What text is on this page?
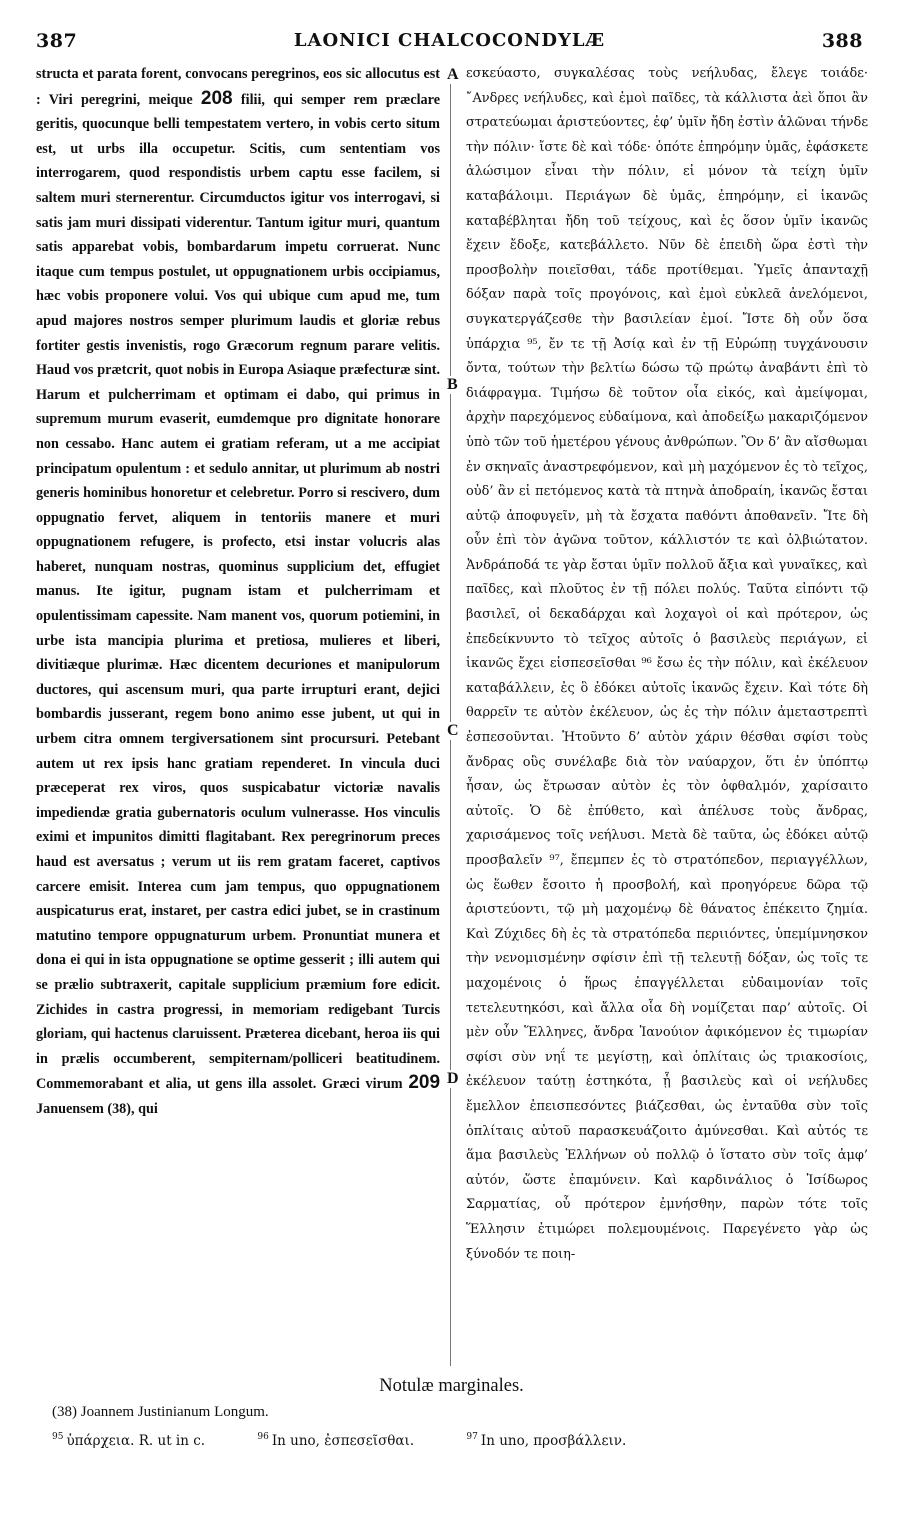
387	LAONICI CHALCOCONDYLÆ	388

structa et parata forent, convocans peregrinos, eos sic allocutus est : Viri peregrini, meique 208 filii, qui semper rem præclare geritis, quocunque belli tempestatem vertero, in vobis certo situm est, ut urbs illa occupetur. Scitis, cum sententiam vos interrogarem, quod respondistis urbem captu esse facilem, si saltem muri sternerentur. Circumductos igitur vos interrogavi, si satis jam muri dissipati viderentur. Tantum igitur muri, quantum satis apparebat vobis, bombardarum impetu corruerat. Nunc itaque cum tempus postulet, ut oppugnationem urbis occipiamus, hæc vobis proponere volui. Vos qui ubique cum apud me, tum apud majores nostros semper plurimum laudis et gloriæ rebus fortiter gestis invenistis, rogo Græcorum regnum parare velitis. Haud vos prætcrit, quot nobis in Europa Asiaque præfecturæ sint. Harum et pulcherrimam et optimam ei dabo, qui primus in supremum murum evaserit, eumdemque pro dignitate honorare non cessabo. Hanc autem ei gratiam referam, ut a me accipiat principatum opulentum : et sedulo annitar, ut plurimum ab nostri generis hominibus honoretur et celebretur. Porro si rescivero, dum oppugnatio fervet, aliquem in tentoriis manere et muri oppugnationem refugere, is profecto, etsi instar volucris alas haberet, nunquam nostras, quominus supplicium det, effugiet manus. Ite igitur, pugnam istam et pulcherrimam et opulentissimam capessite. Nam manent vos, quorum potiemini, in urbe ista mancipia plurima et pretiosa, mulieres et liberi, divitiæque plurimæ. Hæc dicentem decuriones et manipulorum ductores, qui ascensum muri, qua parte irrupturi erant, dejici bombardis jusserant, regem bono animo esse jubent, ut qui in urbem citra omnem tergiversationem sint procursuri. Petebant autem ut rex ipsis hanc gratiam rependeret. In vincula duci præceperat rex viros, quos suspicabatur victoriæ navalis impediendæ gratia gubernatoris oculum vulnerasse. Hos vinculis eximi et impunitos dimitti flagitabant. Rex peregrinorum preces haud est aversatus ; verum ut iis rem gratam faceret, captivos carcere emisit. Interea cum jam tempus, quo oppugnationem auspicaturus erat, instaret, per castra edici jubet, se in crastinum matutino tempore oppugnaturum urbem. Pronuntiat munera et dona ei qui in ista oppugnatione se optime gesserit ; illi autem qui se prælio subtraxerit, capitale supplicium præmium fore edicit. Zichides in castra progressi, in memoriam redigebant Turcis gloriam, qui hactenus claruissent. Præterea dicebant, heroa iis qui in prælis occumberent, sempiternam/polliceri beatitudinem. Commemorabant et alia, ut gens illa assolet. Græci virum 209 Januensem (38), qui

A
B
C
D

εσκεύαστο, συγκαλέσας τοὺς νεήλυδας, ἔλεγε τοιάδε· ῎Ανδρες νεήλυδες, καὶ ἐμοὶ παῖδες, τὰ κάλλιστα ἀεὶ ὅποι ἂν στρατεύωμαι ἀριστεύοντες, ἐφ’ ὑμῖν ἤδη ἐστὶν ἁλῶναι τήνδε τὴν πόλιν· ἴστε δὲ καὶ τόδε· ὁπότε ἐπηρόμην ὑμᾶς, ἐφάσκετε ἁλώσιμον εἶναι τὴν πόλιν, εἰ μόνον τὰ τείχη ὑμῖν καταβάλοιμι. Περιάγων δὲ ὑμᾶς, ἐπηρόμην, εἰ ἱκανῶς καταβέβληται ἤδη τοῦ τείχους, καὶ ἐς ὅσον ὑμῖν ἱκανῶς ἔχειν ἔδοξε, κατεβάλλετο. Νῦν δὲ ἐπειδὴ ὥρα ἐστὶ τὴν προσβολὴν ποιεῖσθαι, τάδε προτίθεμαι. Ὑμεῖς ἁπανταχῇ δόξαν παρὰ τοῖς προγόνοις, καὶ ἐμοὶ εὐκλεᾶ ἀνελόμενοι, συγκατεργάζεσθε τὴν βασιλείαν ἐμοί. Ἴστε δὴ οὖν ὅσα ὑπάρχια ⁹⁵, ἔν τε τῇ Ἀσίᾳ καὶ ἐν τῇ Εὐρώπῃ τυγχάνουσιν ὄντα, τούτων τὴν βελτίω δώσω τῷ πρώτῳ ἀναβάντι ἐπὶ τὸ διάφραγμα. Τιμήσω δὲ τοῦτον οἷα εἰκός, καὶ ἀμείψομαι, ἀρχὴν παρεχόμενος εὐδαίμονα, καὶ ἀποδείξω μακαριζόμενον ὑπὸ τῶν τοῦ ἡμετέρου γένους ἀνθρώπων. Ὃν δ’ ἂν αἴσθωμαι ἐν σκηναῖς ἀναστρεφόμενον, καὶ μὴ μαχόμενον ἐς τὸ τεῖχος, οὐδ’ ἂν εἰ πετόμενος κατὰ τὰ πτηνὰ ἀποδραίη, ἱκανῶς ἔσται αὐτῷ ἀποφυγεῖν, μὴ τὰ ἔσχατα παθόντι ἀποθανεῖν. Ἴτε δὴ οὖν ἐπὶ τὸν ἀγῶνα τοῦτον, κάλλιστόν τε καὶ ὀλβιώτατον. Ἀνδράποδά τε γὰρ ἔσται ὑμῖν πολλοῦ ἄξια καὶ γυναῖκες, καὶ παῖδες, καὶ πλοῦτος ἐν τῇ πόλει πολύς. Ταῦτα εἰπόντι τῷ βασιλεῖ, οἱ δεκαδάρχαι καὶ λοχαγοὶ οἱ καὶ πρότερον, ὡς ἐπεδείκνυντο τὸ τεῖχος αὐτοῖς ὁ βασιλεὺς περιάγων, εἰ ἱκανῶς ἔχει εἰσπεσεῖσθαι ⁹⁶ ἔσω ἐς τὴν πόλιν, καὶ ἐκέλευον καταβάλλειν, ἐς ὃ ἐδόκει αὐτοῖς ἱκανῶς ἔχειν. Καὶ τότε δὴ θαρρεῖν τε αὐτὸν ἐκέλευον, ὡς ἐς τὴν πόλιν ἀμεταστρεπτὶ ἐσπεσοῦνται. Ἠτοῦντο δ’ αὐτὸν χάριν θέσθαι σφίσι τοὺς ἄνδρας οὓς συνέλαβε διὰ τὸν ναύαρχον, ὅτι ἐν ὑπόπτῳ ἦσαν, ὡς ἔτρωσαν αὐτὸν ἐς τὸν ὀφθαλμόν, χαρίσαιτο αὐτοῖς. Ὁ δὲ ἐπύθετο, καὶ ἀπέλυσε τοὺς ἄνδρας, χαρισάμενος τοῖς νεήλυσι. Μετὰ δὲ ταῦτα, ὡς ἐδόκει αὐτῷ προσβαλεῖν ⁹⁷, ἔπεμπεν ἐς τὸ στρατόπεδον, περιαγγέλλων, ὡς ἕωθεν ἔσοιτο ἡ προσβολή, καὶ προηγόρευε δῶρα τῷ ἀριστεύοντι, τῷ μὴ μαχομένῳ δὲ θάνατος ἐπέκειτο ζημία. Καὶ Ζύχιδες δὴ ἐς τὰ στρατόπεδα περιιόντες, ὑπεμίμνησκον τὴν νενομισμένην σφίσιν ἐπὶ τῇ τελευτῇ δόξαν, ὡς τοῖς τε μαχομένοις ὁ ἥρως ἐπαγγέλλεται εὐδαιμονίαν τοῖς τετελευτηκόσι, καὶ ἄλλα οἷα δὴ νομίζεται παρ’ αὐτοῖς. Οἱ μὲν οὖν Ἕλληνες, ἄνδρα Ἰανούιον ἀφικόμενον ἐς τιμωρίαν σφίσι σὺν νηΐ τε μεγίστῃ, καὶ ὁπλίταις ὡς τριακοσίοις, ἐκέλευον ταύτῃ ἑστηκότα, ᾗ βασιλεὺς καὶ οἱ νεήλυδες ἔμελλον ἐπεισπεσόντες βιάζεσθαι, ὡς ἐνταῦθα σὺν τοῖς ὁπλίταις αὐτοῦ παρασκευάζοιτο ἀμύνεσθαι. Καὶ αὐτός τε ἅμα βασιλεὺς Ἑλλήνων οὐ πολλῷ ὁ ἵστατο σὺν τοῖς ἀμφ’ αὐτόν, ὥστε ἐπαμύνειν. Καὶ καρδινάλιος ὁ Ἰσίδωρος Σαρματίας, οὗ πρότερον ἐμνήσθην, παρὼν τότε τοῖς Ἕλλησιν ἐτιμώρει πολεμουμένοις. Παρεγένετο γὰρ ὡς ξύνοδόν τε ποιη-

Notulæ marginales.
(38) Joannem Justinianum Longum.
$^{95}$ ὑπάρχεια. R. ut in c.	$^{96}$ In uno, ἐσπεσεῖσθαι.	$^{97}$ In uno, προσβάλλειν.
